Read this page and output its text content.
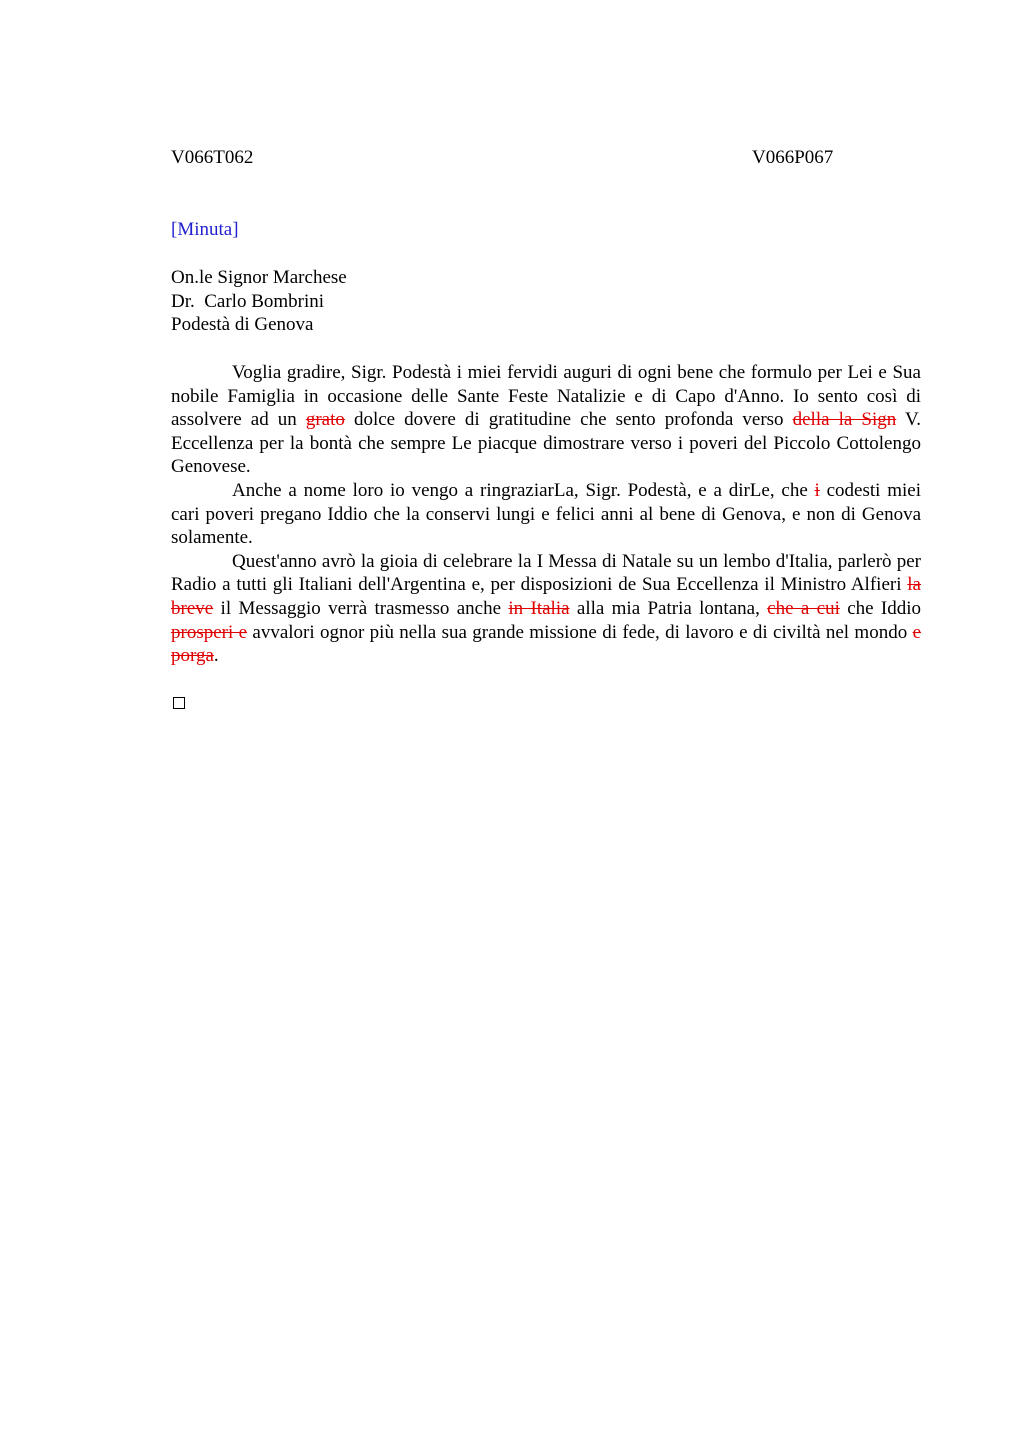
V066T062	V066P067
[Minuta]
On.le Signor Marchese
Dr.  Carlo Bombrini
Podestà di Genova

Voglia gradire, Sigr. Podestà i miei fervidi auguri di ogni bene che formulo per Lei e Sua nobile Famiglia in occasione delle Sante Feste Natalizie e di Capo d'Anno. Io sento così di assolvere ad un grato dolce dovere di gratitudine che sento profonda verso della la Sign V. Eccellenza per la bontà che sempre Le piacque dimostrare verso i poveri del Piccolo Cottolengo Genovese.

Anche a nome loro io vengo a ringraziarLa, Sigr. Podestà, e a dirLe, che i codesti miei cari poveri pregano Iddio che la conservi lungi e felici anni al bene di Genova, e non di Genova solamente.

Quest'anno avrò la gioia di celebrare la I Messa di Natale su un lembo d'Italia, parlerò per Radio a tutti gli Italiani dell'Argentina e, per disposizioni de Sua Eccellenza il Ministro Alfieri la breve il Messaggio verrà trasmesso anche in Italia alla mia Patria lontana, che a cui che Iddio prosperi e avvalori ognor più nella sua grande missione di fede, di lavoro e di civiltà nel mondo e porga.
